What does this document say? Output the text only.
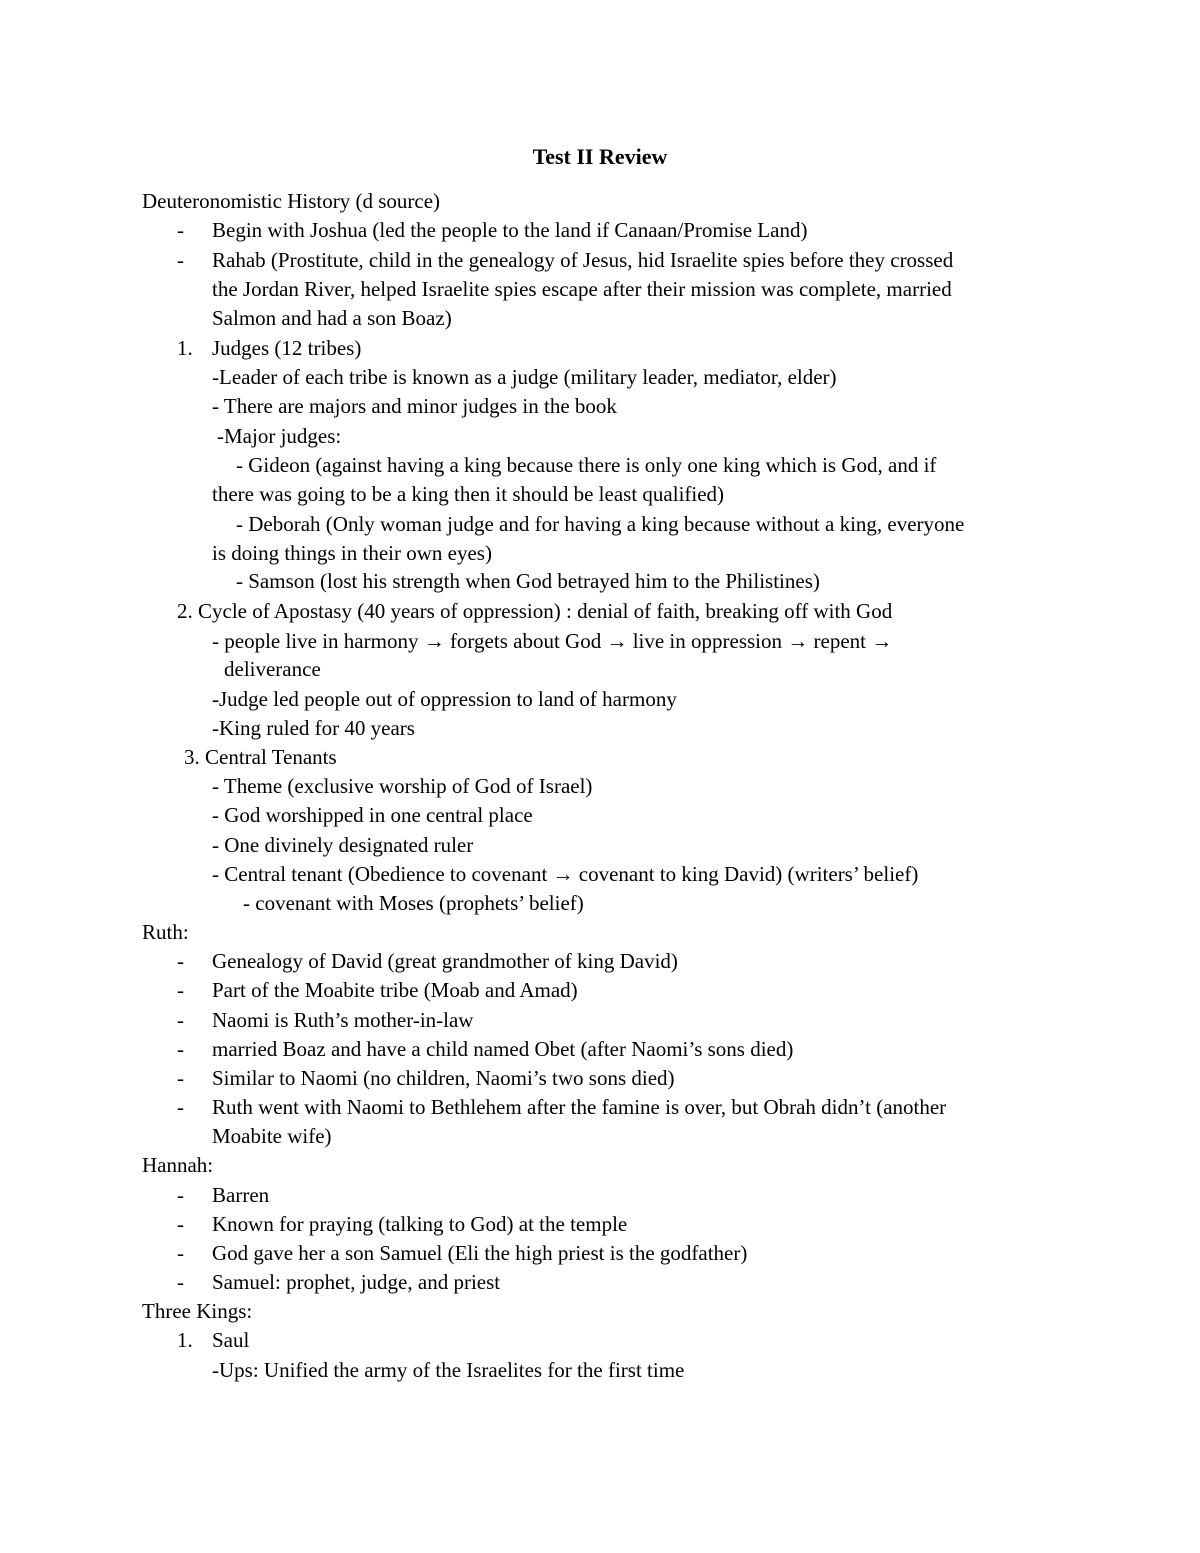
Test II Review
Deuteronomistic History (d source)
- Begin with Joshua (led the people to the land if Canaan/Promise Land)
- Rahab (Prostitute, child in the genealogy of Jesus, hid Israelite spies before they crossed
the Jordan River, helped Israelite spies escape after their mission was complete, married
Salmon and had a son Boaz)
1. Judges (12 tribes)
-Leader of each tribe is known as a judge (military leader, mediator, elder)
- There are majors and minor judges in the book
-Major judges:
- Gideon (against having a king because there is only one king which is God, and if
there was going to be a king then it should be least qualified)
- Deborah (Only woman judge and for having a king because without a king, everyone
is doing things in their own eyes)
- Samson (lost his strength when God betrayed him to the Philistines)
2. Cycle of Apostasy (40 years of oppression) : denial of faith, breaking off with God
- people live in harmony → forgets about God → live in oppression → repent →
deliverance
-Judge led people out of oppression to land of harmony
-King ruled for 40 years
3. Central Tenants
- Theme (exclusive worship of God of Israel)
- God worshipped in one central place
- One divinely designated ruler
- Central tenant (Obedience to covenant → covenant to king David) (writers’ belief)
- covenant with Moses (prophets’ belief)
Ruth:
- Genealogy of David (great grandmother of king David)
- Part of the Moabite tribe (Moab and Amad)
- Naomi is Ruth’s mother-in-law
- married Boaz and have a child named Obet (after Naomi’s sons died)
- Similar to Naomi (no children, Naomi’s two sons died)
- Ruth went with Naomi to Bethlehem after the famine is over, but Obrah didn’t (another
Moabite wife)
Hannah:
- Barren
- Known for praying (talking to God) at the temple
- God gave her a son Samuel (Eli the high priest is the godfather)
- Samuel: prophet, judge, and priest
Three Kings:
1. Saul
-Ups: Unified the army of the Israelites for the first time
